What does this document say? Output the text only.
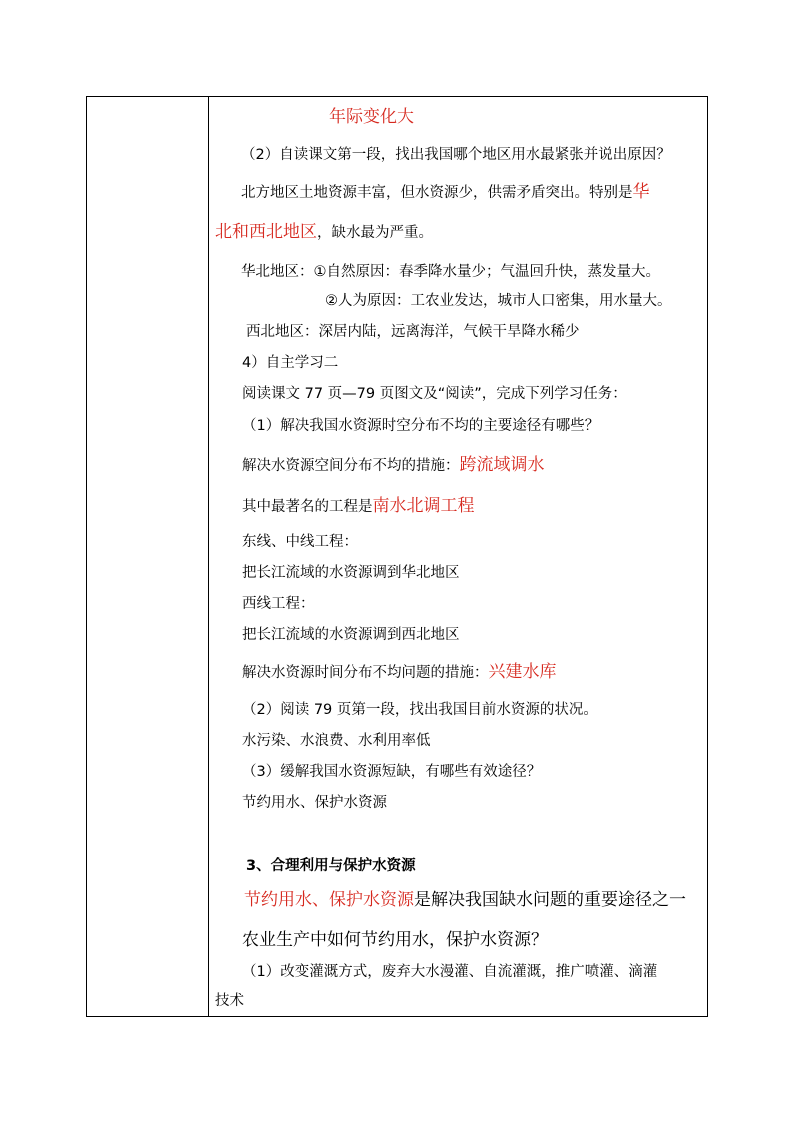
年际变化大
（2）自读课文第一段，找出我国哪个地区用水最紧张并说出原因？
北方地区土地资源丰富，但水资源少，供需矛盾突出。特别是华
北和西北地区，缺水最为严重。
华北地区：①自然原因：春季降水量少；气温回升快，蒸发量大。
②人为原因：工农业发达，城市人口密集，用水量大。
西北地区：深居内陆，远离海洋，气候干旱降水稀少
4）自主学习二
阅读课文 77 页—79 页图文及“阅读”，完成下列学习任务：
（1）解决我国水资源时空分布不均的主要途径有哪些？
解决水资源空间分布不均的措施：跨流域调水
其中最著名的工程是南水北调工程
东线、中线工程：
把长江流域的水资源调到华北地区
西线工程：
把长江流域的水资源调到西北地区
解决水资源时间分布不均问题的措施：兴建水库
（2）阅读 79 页第一段，找出我国目前水资源的状况。
水污染、水浪费、水利用率低
（3）缓解我国水资源短缺，有哪些有效途径？
节约用水、保护水资源
3、合理利用与保护水资源
节约用水、保护水资源是解决我国缺水问题的重要途径之一
农业生产中如何节约用水，保护水资源？
（1）改变灌溉方式，废弃大水漫灌、自流灌溉，推广喷灌、滴灌
技术
